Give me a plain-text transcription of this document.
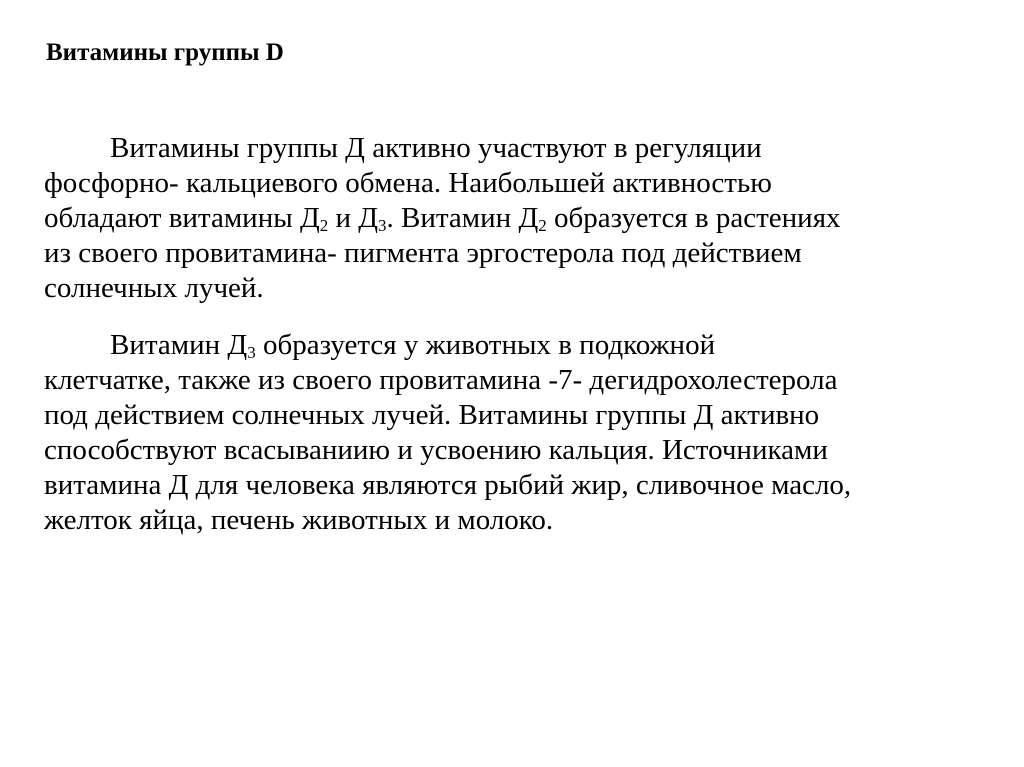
Витамины группы D
Витамины группы Д активно участвуют в регуляции
фосфорно- кальциевого обмена. Наибольшей активностью
обладают витамины $Д_2$ и $Д_3$. Витамин $Д_2$ образуется в растениях
из своего провитамина- пигмента эргостерола под действием
солнечных лучей.
Витамин $Д_3$ образуется у животных в подкожной
клетчатке, также из своего провитамина -7- дегидрохолестерола
под действием солнечных лучей. Витамины группы Д активно
способствуют всасываниию и усвоению кальция. Источниками
витамина Д для человека являются рыбий жир, сливочное масло,
желток яйца, печень животных и молоко.
